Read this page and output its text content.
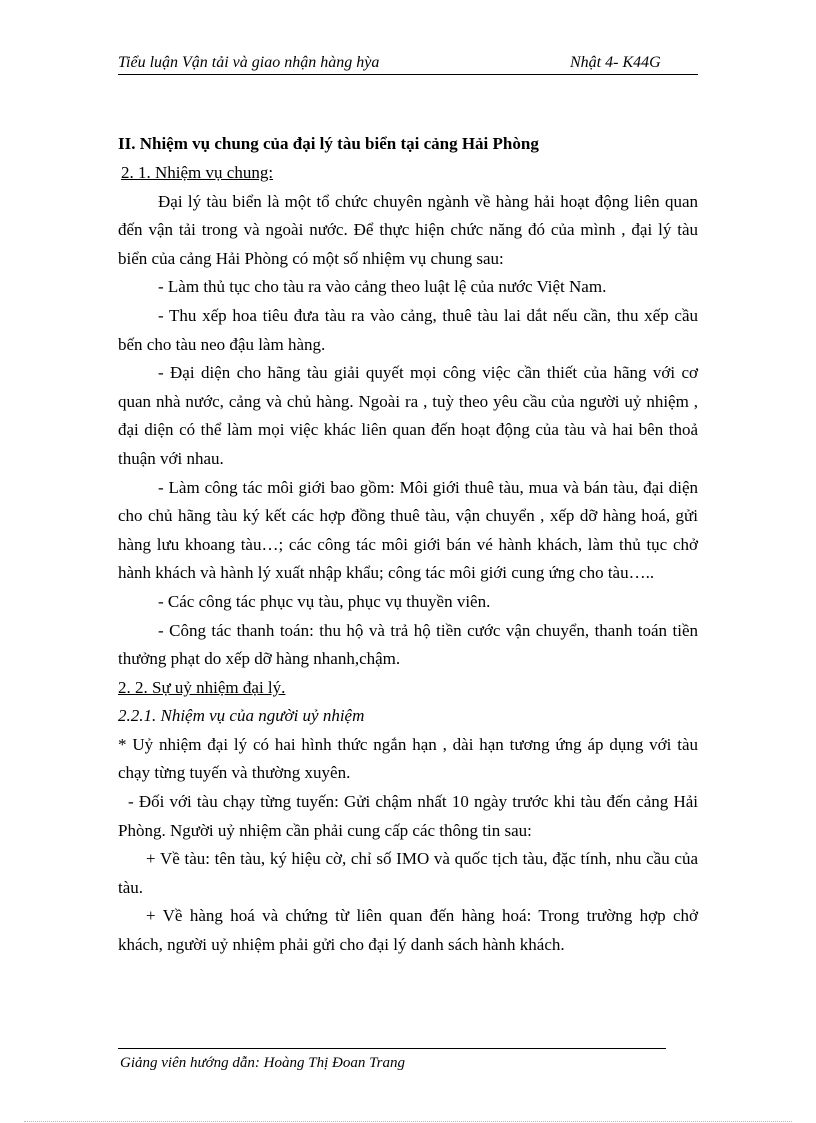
Tiểu luận Vận tải và giao nhận hàng hỳa	Nhật 4- K44G

II. Nhiệm vụ chung của đại lý tàu biển tại cảng Hải Phòng

2. 1. Nhiệm vụ chung:

Đại lý tàu biển là một tổ chức chuyên ngành về hàng hải hoạt động liên quan đến vận tải trong và ngoài nước. Để thực hiện chức năng đó của mình , đại lý tàu biển của cảng Hải Phòng có một số nhiệm vụ chung sau:

- Làm thủ tục cho tàu ra vào cảng theo luật lệ của nước Việt Nam.

- Thu xếp hoa tiêu đưa tàu ra vào cảng, thuê tàu lai dắt nếu cần, thu xếp cầu bến cho tàu neo đậu làm hàng.

- Đại diện cho hãng tàu giải quyết mọi công việc cần thiết của hãng với cơ quan nhà nước, cảng và chủ hàng. Ngoài ra , tuỳ theo yêu cầu của người uỷ nhiệm , đại diện có thể làm mọi việc khác liên quan đến hoạt động của tàu và hai bên thoả thuận với nhau.

- Làm công tác môi giới bao gồm: Môi giới thuê tàu, mua và bán tàu, đại diện cho chủ hãng tàu ký kết các hợp đồng thuê tàu, vận chuyển , xếp dỡ hàng hoá, gửi hàng lưu khoang tàu…; các công tác môi giới bán vé hành khách, làm thủ tục chở hành khách và hành lý xuất nhập khẩu; công tác môi giới cung ứng cho tàu…..

- Các công tác phục vụ tàu, phục vụ thuyền viên.

- Công tác thanh toán: thu hộ và trả hộ tiền cước vận chuyển, thanh toán tiền thưởng phạt do xếp dỡ hàng nhanh,chậm.

2. 2. Sự uỷ nhiệm đại lý.

2.2.1. Nhiệm vụ của người uỷ nhiệm

* Uỷ nhiệm đại lý có hai hình thức ngắn hạn , dài hạn tương ứng áp dụng với tàu chạy từng tuyến và thường xuyên.

- Đối với tàu chạy từng tuyến: Gửi chậm nhất 10 ngày trước khi tàu đến cảng Hải Phòng. Người uỷ nhiệm cần phải cung cấp các thông tin sau:

+ Về tàu: tên tàu, ký hiệu cờ, chỉ số IMO và quốc tịch tàu, đặc tính, nhu cầu của tàu.

+ Về hàng hoá và chứng từ liên quan đến hàng hoá: Trong trường hợp chở khách, người uỷ nhiệm phải gửi cho đại lý danh sách hành khách.

Giảng viên hướng dẫn: Hoàng Thị Đoan Trang
